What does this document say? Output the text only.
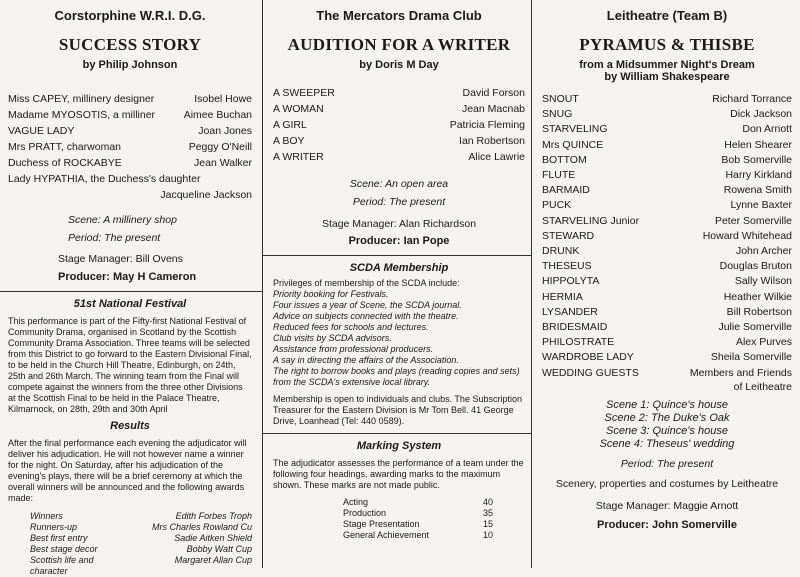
Corstorphine W.R.I. D.G.
SUCCESS STORY
by Philip Johnson
Miss CAPEY, millinery designer	Isobel Howe
Madame MYOSOTIS, a milliner	Aimee Buchan
VAGUE LADY	Joan Jones
Mrs PRATT, charwoman	Peggy O'Neill
Duchess of ROCKABYE	Jean Walker
Lady HYPATHIA, the Duchess's daughter
Jacqueline Jackson
Scene: A millinery shop
Period: The present
Stage Manager: Bill Ovens
Producer: May H Cameron
51st National Festival
This performance is part of the Fifty-first National Festival of Community Drama, organised in Scotland by the Scottish Community Drama Association. Three teams will be selected from this District to go forward to the Eastern Divisional Final, to be held in the Church Hill Theatre, Edinburgh, on 24th, 25th and 26th March. The winning team from the Final will compete against the winners from the three other Divisions at the Scottish Final to be held in the Palace Theatre, Kilmarnock, on 28th, 29th and 30th April
Results
After the final performance each evening the adjudicator will deliver his adjudication. He will not however name a winner for the night. On Saturday, after his adjudication of the evening's plays, there will be a brief ceremony at which the overall winners will be announced and the following awards made:
Winners	Edith Forbes Troph
Runners-up	Mrs Charles Rowland Cu
Best first entry	Sadie Aitken Shield
Best stage decor	Bobby Watt Cup
Scottish life and character
Margaret Allan Cup
The Mercators Drama Club
AUDITION FOR A WRITER
by Doris M Day
A SWEEPER	David Forson
A WOMAN	Jean Macnab
A GIRL	Patricia Fleming
A BOY	Ian Robertson
A WRITER	Alice Lawrie
Scene: An open area
Period: The present
Stage Manager: Alan Richardson
Producer: Ian Pope
SCDA Membership
Privileges of membership of the SCDA include:
Priority booking for Festivals.
Four issues a year of Scene, the SCDA journal.
Advice on subjects connected with the theatre.
Reduced fees for schools and lectures.
Club visits by SCDA advisors.
Assistance from professional producers.
A say in directing the affairs of the Association.
The right to borrow books and plays (reading copies and sets) from the SCDA's extensive local library.
Membership is open to individuals and clubs. The Subscription Treasurer for the Eastern Division is Mr Tom Bell. 41 George Drive, Loanhead (Tel: 440 0589).
Marking System
The adjudicator assesses the performance of a team under the following four headings, awarding marks to the maximum shown. These marks are not made public.
Acting	40
Production	35
Stage Presentation	15
General Achievement	10
Leitheatre (Team B)
PYRAMUS & THISBE
from a Midsummer Night's Dream
by William Shakespeare
SNOUT	Richard Torrance
SNUG	Dick Jackson
STARVELING	Don Arnott
Mrs QUINCE	Helen Shearer
BOTTOM	Bob Somerville
FLUTE	Harry Kirkland
BARMAID	Rowena Smith
PUCK	Lynne Baxter
STARVELING Junior	Peter Somerville
STEWARD	Howard Whitehead
DRUNK	John Archer
THESEUS	Douglas Bruton
HIPPOLYTA	Sally Wilson
HERMIA	Heather Wilkie
LYSANDER	Bill Robertson
BRIDESMAID	Julie Somerville
PHILOSTRATE	Alex Purves
WARDROBE LADY	Sheila Somerville
WEDDING GUESTS	Members and Friends
of Leitheatre
Scene 1: Quince's house
Scene 2: The Duke's Oak
Scene 3: Quince's house
Scene 4: Theseus' wedding
Period: The present
Scenery, properties and costumes by Leitheatre
Stage Manager: Maggie Arnott
Producer: John Somerville
